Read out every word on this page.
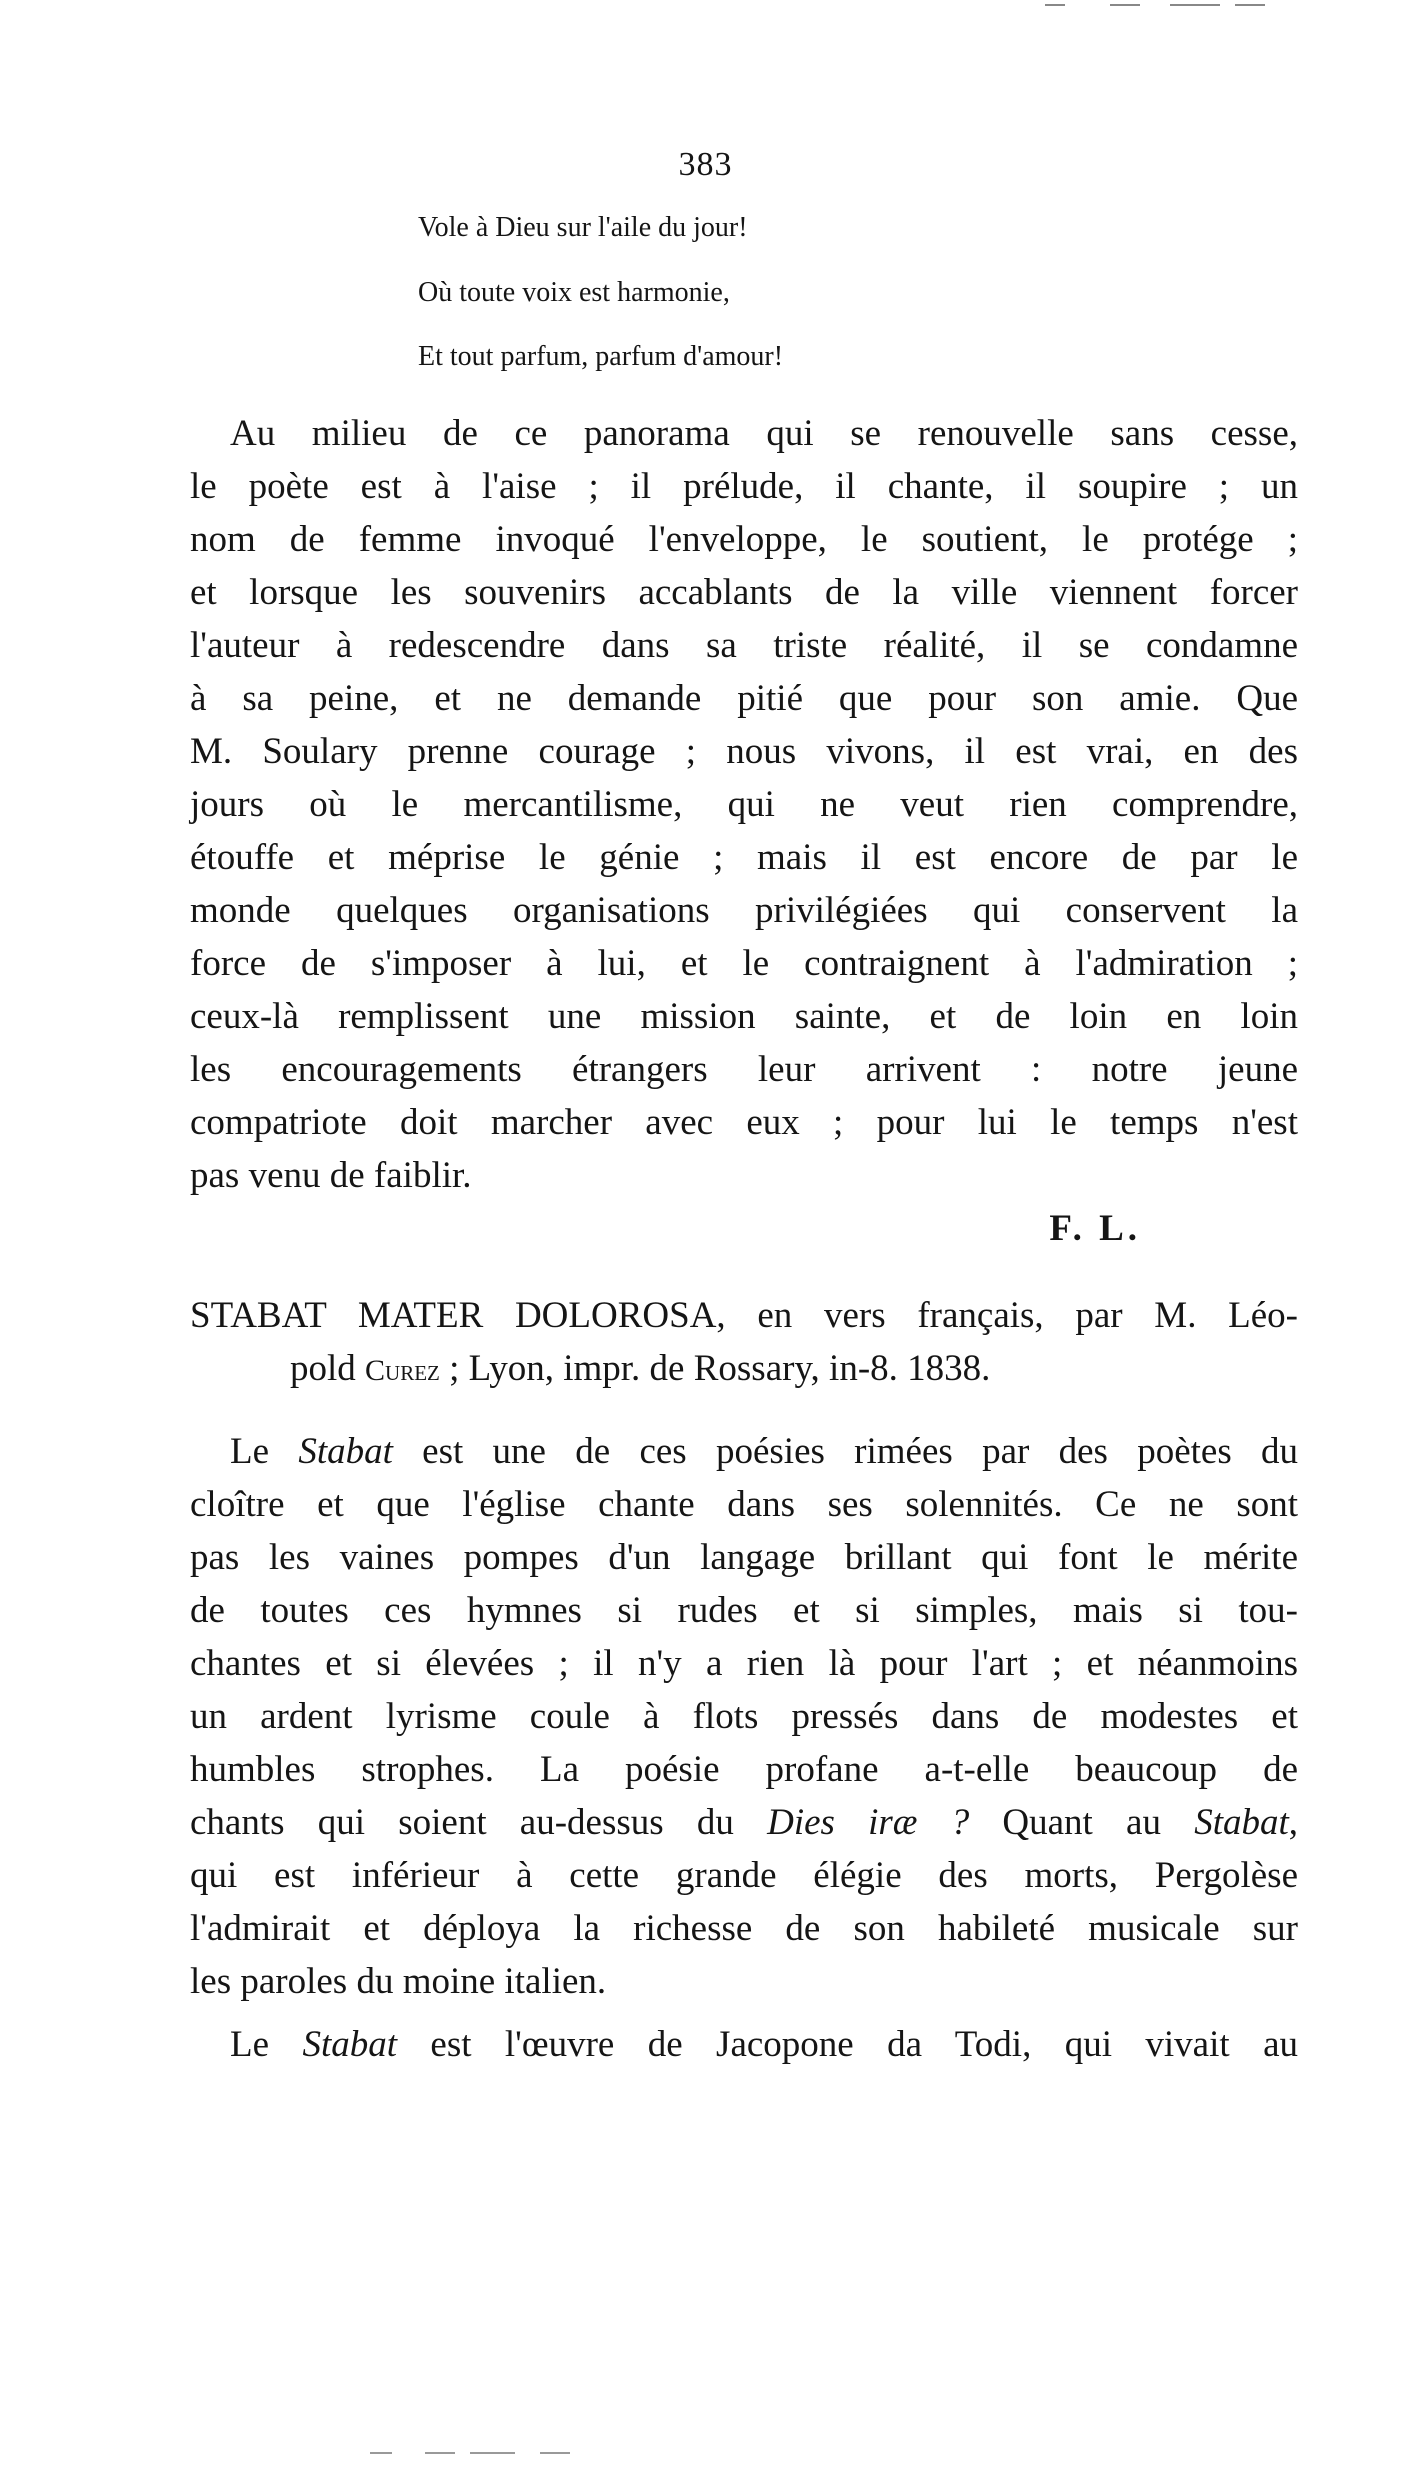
383
Vole à Dieu sur l'aile du jour!
Où toute voix est harmonie,
Et tout parfum, parfum d'amour!
Au milieu de ce panorama qui se renouvelle sans cesse,
le poète est à l'aise ; il prélude, il chante, il soupire ; un
nom de femme invoqué l'enveloppe, le soutient, le protége ;
et lorsque les souvenirs accablants de la ville viennent forcer
l'auteur à redescendre dans sa triste réalité, il se condamne
à sa peine, et ne demande pitié que pour son amie. Que
M. Soulary prenne courage ; nous vivons, il est vrai, en des
jours où le mercantilisme, qui ne veut rien comprendre,
étouffe et méprise le génie ; mais il est encore de par le
monde quelques organisations privilégiées qui conservent la
force de s'imposer à lui, et le contraignent à l'admiration ;
ceux-là remplissent une mission sainte, et de loin en loin
les encouragements étrangers leur arrivent : notre jeune
compatriote doit marcher avec eux ; pour lui le temps n'est
pas venu de faiblir.
F. L.
STABAT MATER DOLOROSA, en vers français, par M. Léo-
pold Curez ; Lyon, impr. de Rossary, in-8. 1838.
Le Stabat est une de ces poésies rimées par des poètes du
cloître et que l'église chante dans ses solennités. Ce ne sont
pas les vaines pompes d'un langage brillant qui font le mérite
de toutes ces hymnes si rudes et si simples, mais si tou-
chantes et si élevées ; il n'y a rien là pour l'art ; et néanmoins
un ardent lyrisme coule à flots pressés dans de modestes et
humbles strophes. La poésie profane a-t-elle beaucoup de
chants qui soient au-dessus du Dies iræ ? Quant au Stabat,
qui est inférieur à cette grande élégie des morts, Pergolèse
l'admirait et déploya la richesse de son habileté musicale sur
les paroles du moine italien.
Le Stabat est l'œuvre de Jacopone da Todi, qui vivait au
